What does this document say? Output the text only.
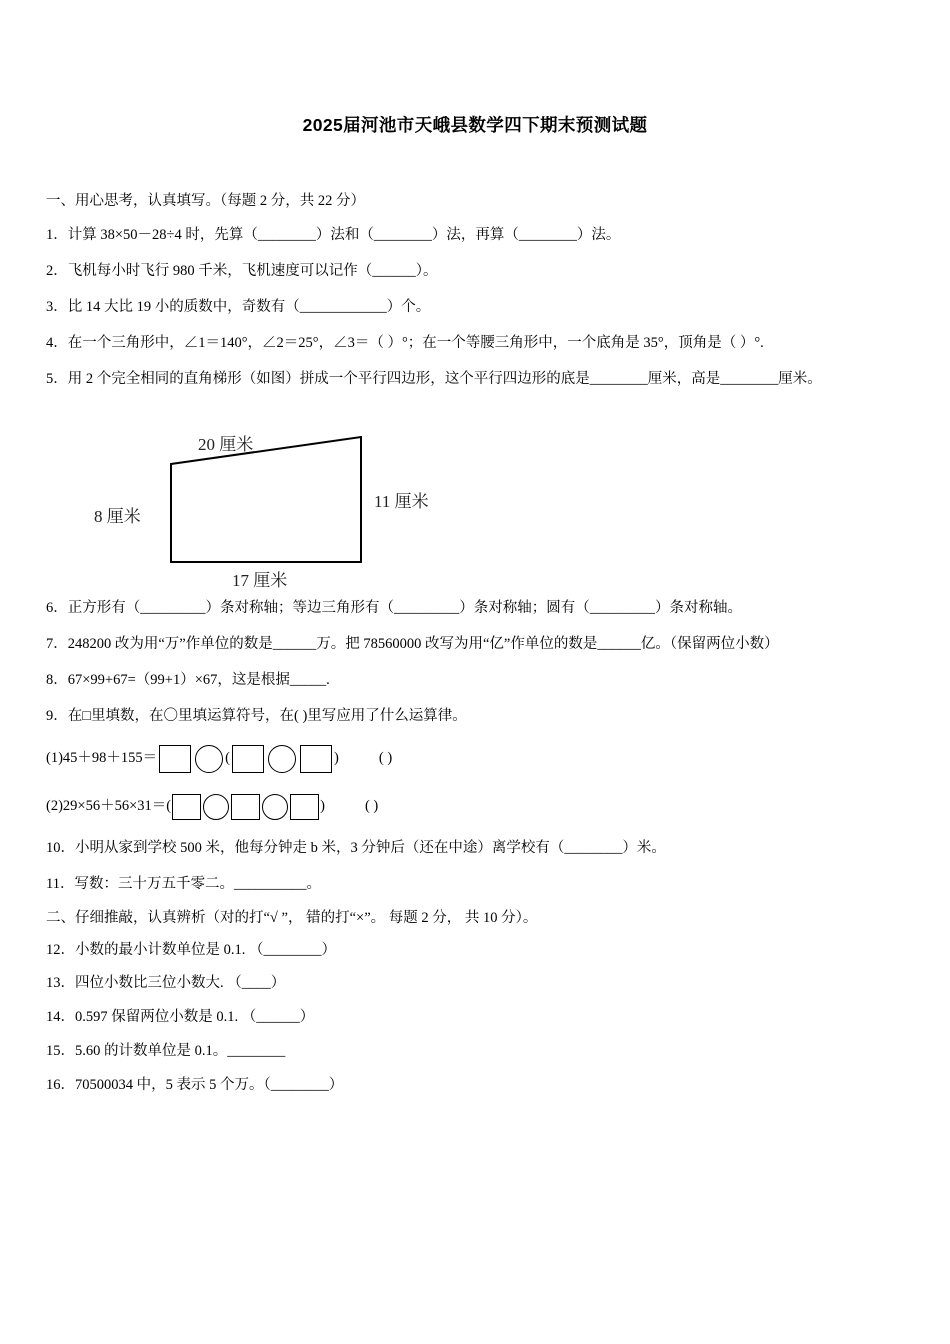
2025届河池市天峨县数学四下期末预测试题
一、用心思考，认真填写。（每题 2 分，共 22 分）
1．计算 38×50－28÷4 时，先算（________）法和（________）法，再算（________）法。
2．飞机每小时飞行 980 千米，飞机速度可以记作（______）。
3．比 14 大比 19 小的质数中，奇数有（____________）个。
4．在一个三角形中，∠1＝140°，∠2＝25°，∠3＝（ ）°；在一个等腰三角形中，一个底角是 35°，顶角是（ ）°.
5．用 2 个完全相同的直角梯形（如图）拼成一个平行四边形，这个平行四边形的底是________厘米，高是________厘米。
20 厘米
8 厘米
11 厘米
17 厘米
6．正方形有（_________）条对称轴；等边三角形有（_________）条对称轴；圆有（_________）条对称轴。
7．248200 改为用“万”作单位的数是______万。把 78560000 改写为用“亿”作单位的数是______亿。（保留两位小数）
8．67×99+67=（99+1）×67，这是根据_____.
9．在□里填数，在〇里填运算符号，在( )里写应用了什么运算律。
(1)45＋98＋155＝	(	)	( )
(2)29×56＋56×31＝(	)	( )
10．小明从家到学校 500 米，他每分钟走 b 米，3 分钟后（还在中途）离学校有（________）米。
11．写数：三十万五千零二。__________。
二、仔细推敲，认真辨析（对的打“√ ”， 错的打“×”。 每题 2 分， 共 10 分）。
12．小数的最小计数单位是 0.1. （________）
13．四位小数比三位小数大. （____）
14．0.597 保留两位小数是 0.1. （______）
15．5.60 的计数单位是 0.1。________
16．70500034 中，5 表示 5 个万。（________）
